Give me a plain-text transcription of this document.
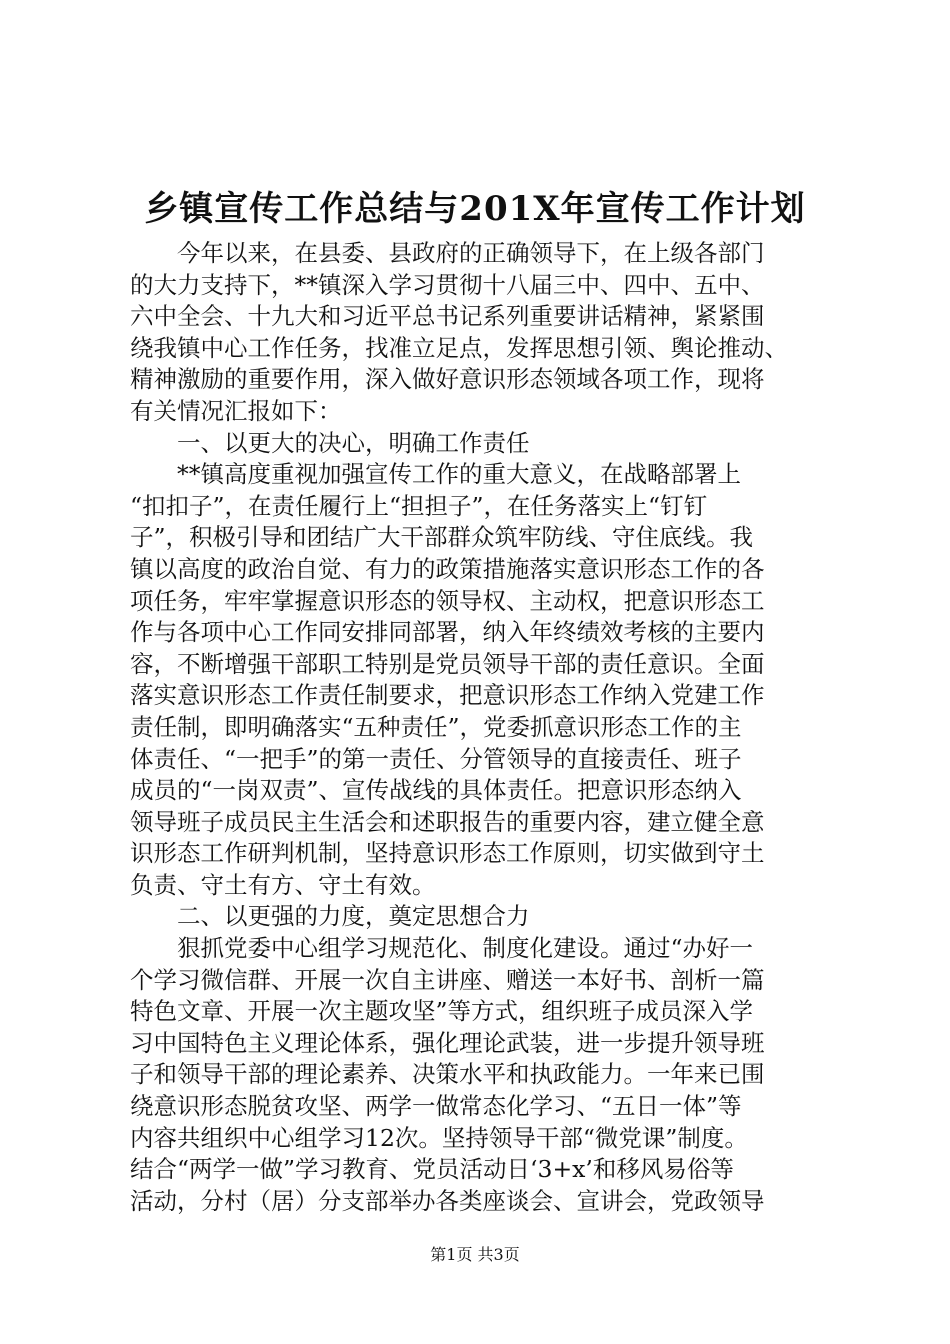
乡镇宣传工作总结与201X年宣传工作计划
今年以来，在县委、县政府的正确领导下，在上级各部门
的大力支持下，**镇深入学习贯彻十八届三中、四中、五中、
六中全会、十九大和习近平总书记系列重要讲话精神，紧紧围
绕我镇中心工作任务，找准立足点，发挥思想引领、舆论推动、
精神激励的重要作用，深入做好意识形态领域各项工作，现将
有关情况汇报如下：
一、以更大的决心，明确工作责任
**镇高度重视加强宣传工作的重大意义，在战略部署上
“扣扣子”，在责任履行上“担担子”，在任务落实上“钉钉
子”，积极引导和团结广大干部群众筑牢防线、守住底线。我
镇以高度的政治自觉、有力的政策措施落实意识形态工作的各
项任务，牢牢掌握意识形态的领导权、主动权，把意识形态工
作与各项中心工作同安排同部署，纳入年终绩效考核的主要内
容，不断增强干部职工特别是党员领导干部的责任意识。全面
落实意识形态工作责任制要求，把意识形态工作纳入党建工作
责任制，即明确落实“五种责任”，党委抓意识形态工作的主
体责任、“一把手”的第一责任、分管领导的直接责任、班子
成员的“一岗双责”、宣传战线的具体责任。把意识形态纳入
领导班子成员民主生活会和述职报告的重要内容，建立健全意
识形态工作研判机制，坚持意识形态工作原则，切实做到守土
负责、守土有方、守土有效。
二、以更强的力度，奠定思想合力
狠抓党委中心组学习规范化、制度化建设。通过“办好一
个学习微信群、开展一次自主讲座、赠送一本好书、剖析一篇
特色文章、开展一次主题攻坚”等方式，组织班子成员深入学
习中国特色主义理论体系，强化理论武装，进一步提升领导班
子和领导干部的理论素养、决策水平和执政能力。一年来已围
绕意识形态脱贫攻坚、两学一做常态化学习、“五日一体”等
内容共组织中心组学习12次。坚持领导干部“微党课”制度。
结合“两学一做”学习教育、党员活动日‘3+x’和移风易俗等
活动，分村（居）分支部举办各类座谈会、宣讲会，党政领导
第1页 共3页
